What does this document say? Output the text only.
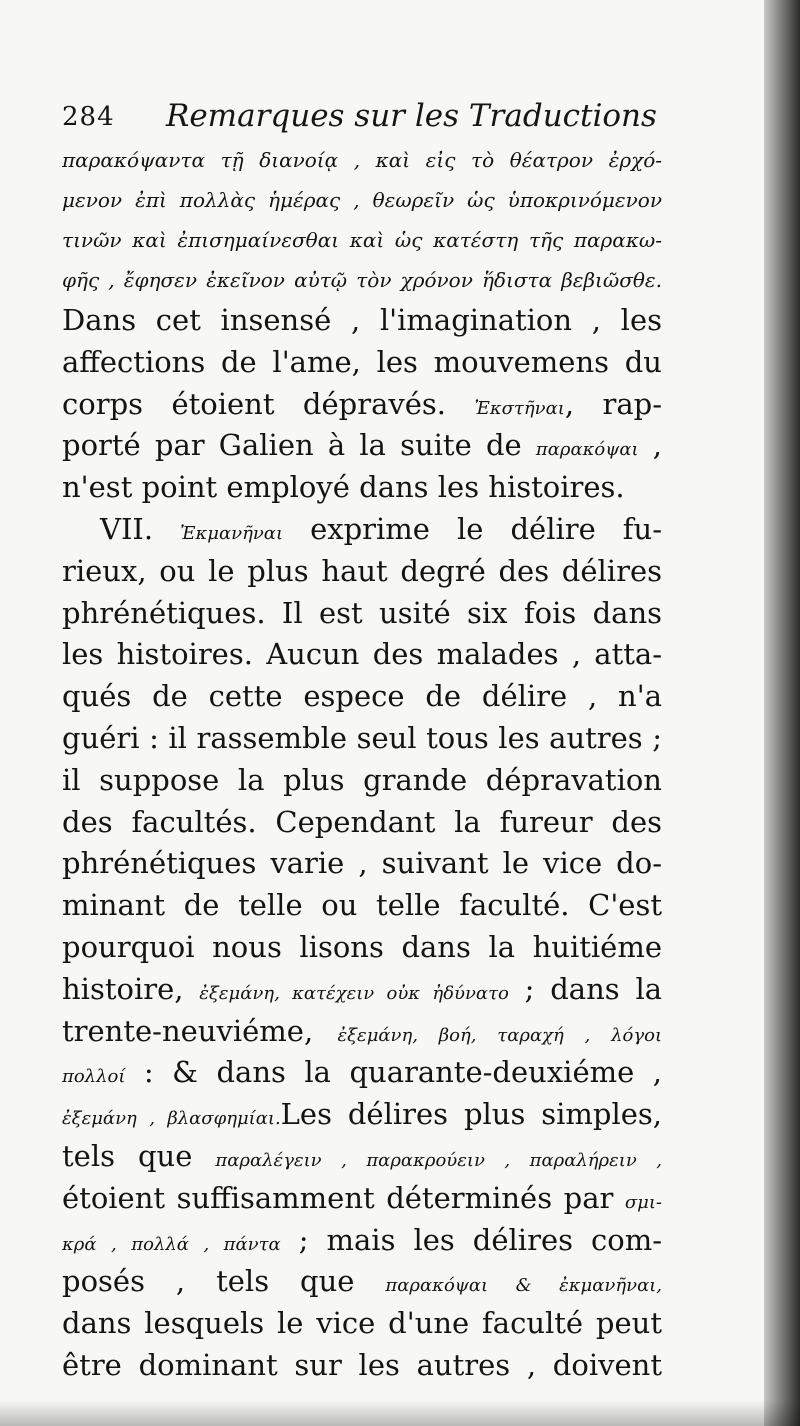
284 Remarques sur les Traductions
παρακόψαντα τῇ διανοίᾳ , καὶ εἰς τὸ θέατρον ἐρχό-
μενον ἐπὶ πολλὰς ἡμέρας , θεωρεῖν ὡς ὑποκρινόμενον
τινῶν καὶ ἐπισημαίνεσθαι καὶ ὡς κατέστη τῆς παρακω-
φῆς , ἔφησεν ἐκεῖνον αὐτῷ τὸν χρόνον ἥδιστα βεβιῶσθε.
Dans cet insensé , l'imagination , les
affections de l'ame, les mouvemens du
corps étoient dépravés. Ἐκστῆναι, rap-
porté par Galien à la suite de παρακόψαι ,
n'est point employé dans les histoires.
VII. Ἐκμανῆναι exprime le délire fu-
rieux, ou le plus haut degré des délires
phrénétiques. Il est usité six fois dans
les histoires. Aucun des malades , atta-
qués de cette espece de délire , n'a
guéri : il rassemble seul tous les autres ;
il suppose la plus grande dépravation
des facultés. Cependant la fureur des
phrénétiques varie , suivant le vice do-
minant de telle ou telle faculté. C'est
pourquoi nous lisons dans la huitiéme
histoire, ἐξεμάνη, κατέχειν οὐκ ἠδύνατο ; dans la
trente-neuviéme, ἐξεμάνη, βοή, ταραχή , λόγοι
πολλοί : & dans la quarante-deuxiéme ,
ἐξεμάνη , βλασφημίαι.Les délires plus simples,
tels que παραλέγειν , παρακρούειν , παραλήρειν ,
étoient suffisamment déterminés par σμι-
κρά , πολλά , πάντα ; mais les délires com-
posés , tels que παρακόψαι & ἐκμανῆναι,
dans lesquels le vice d'une faculté peut
être dominant sur les autres , doivent
